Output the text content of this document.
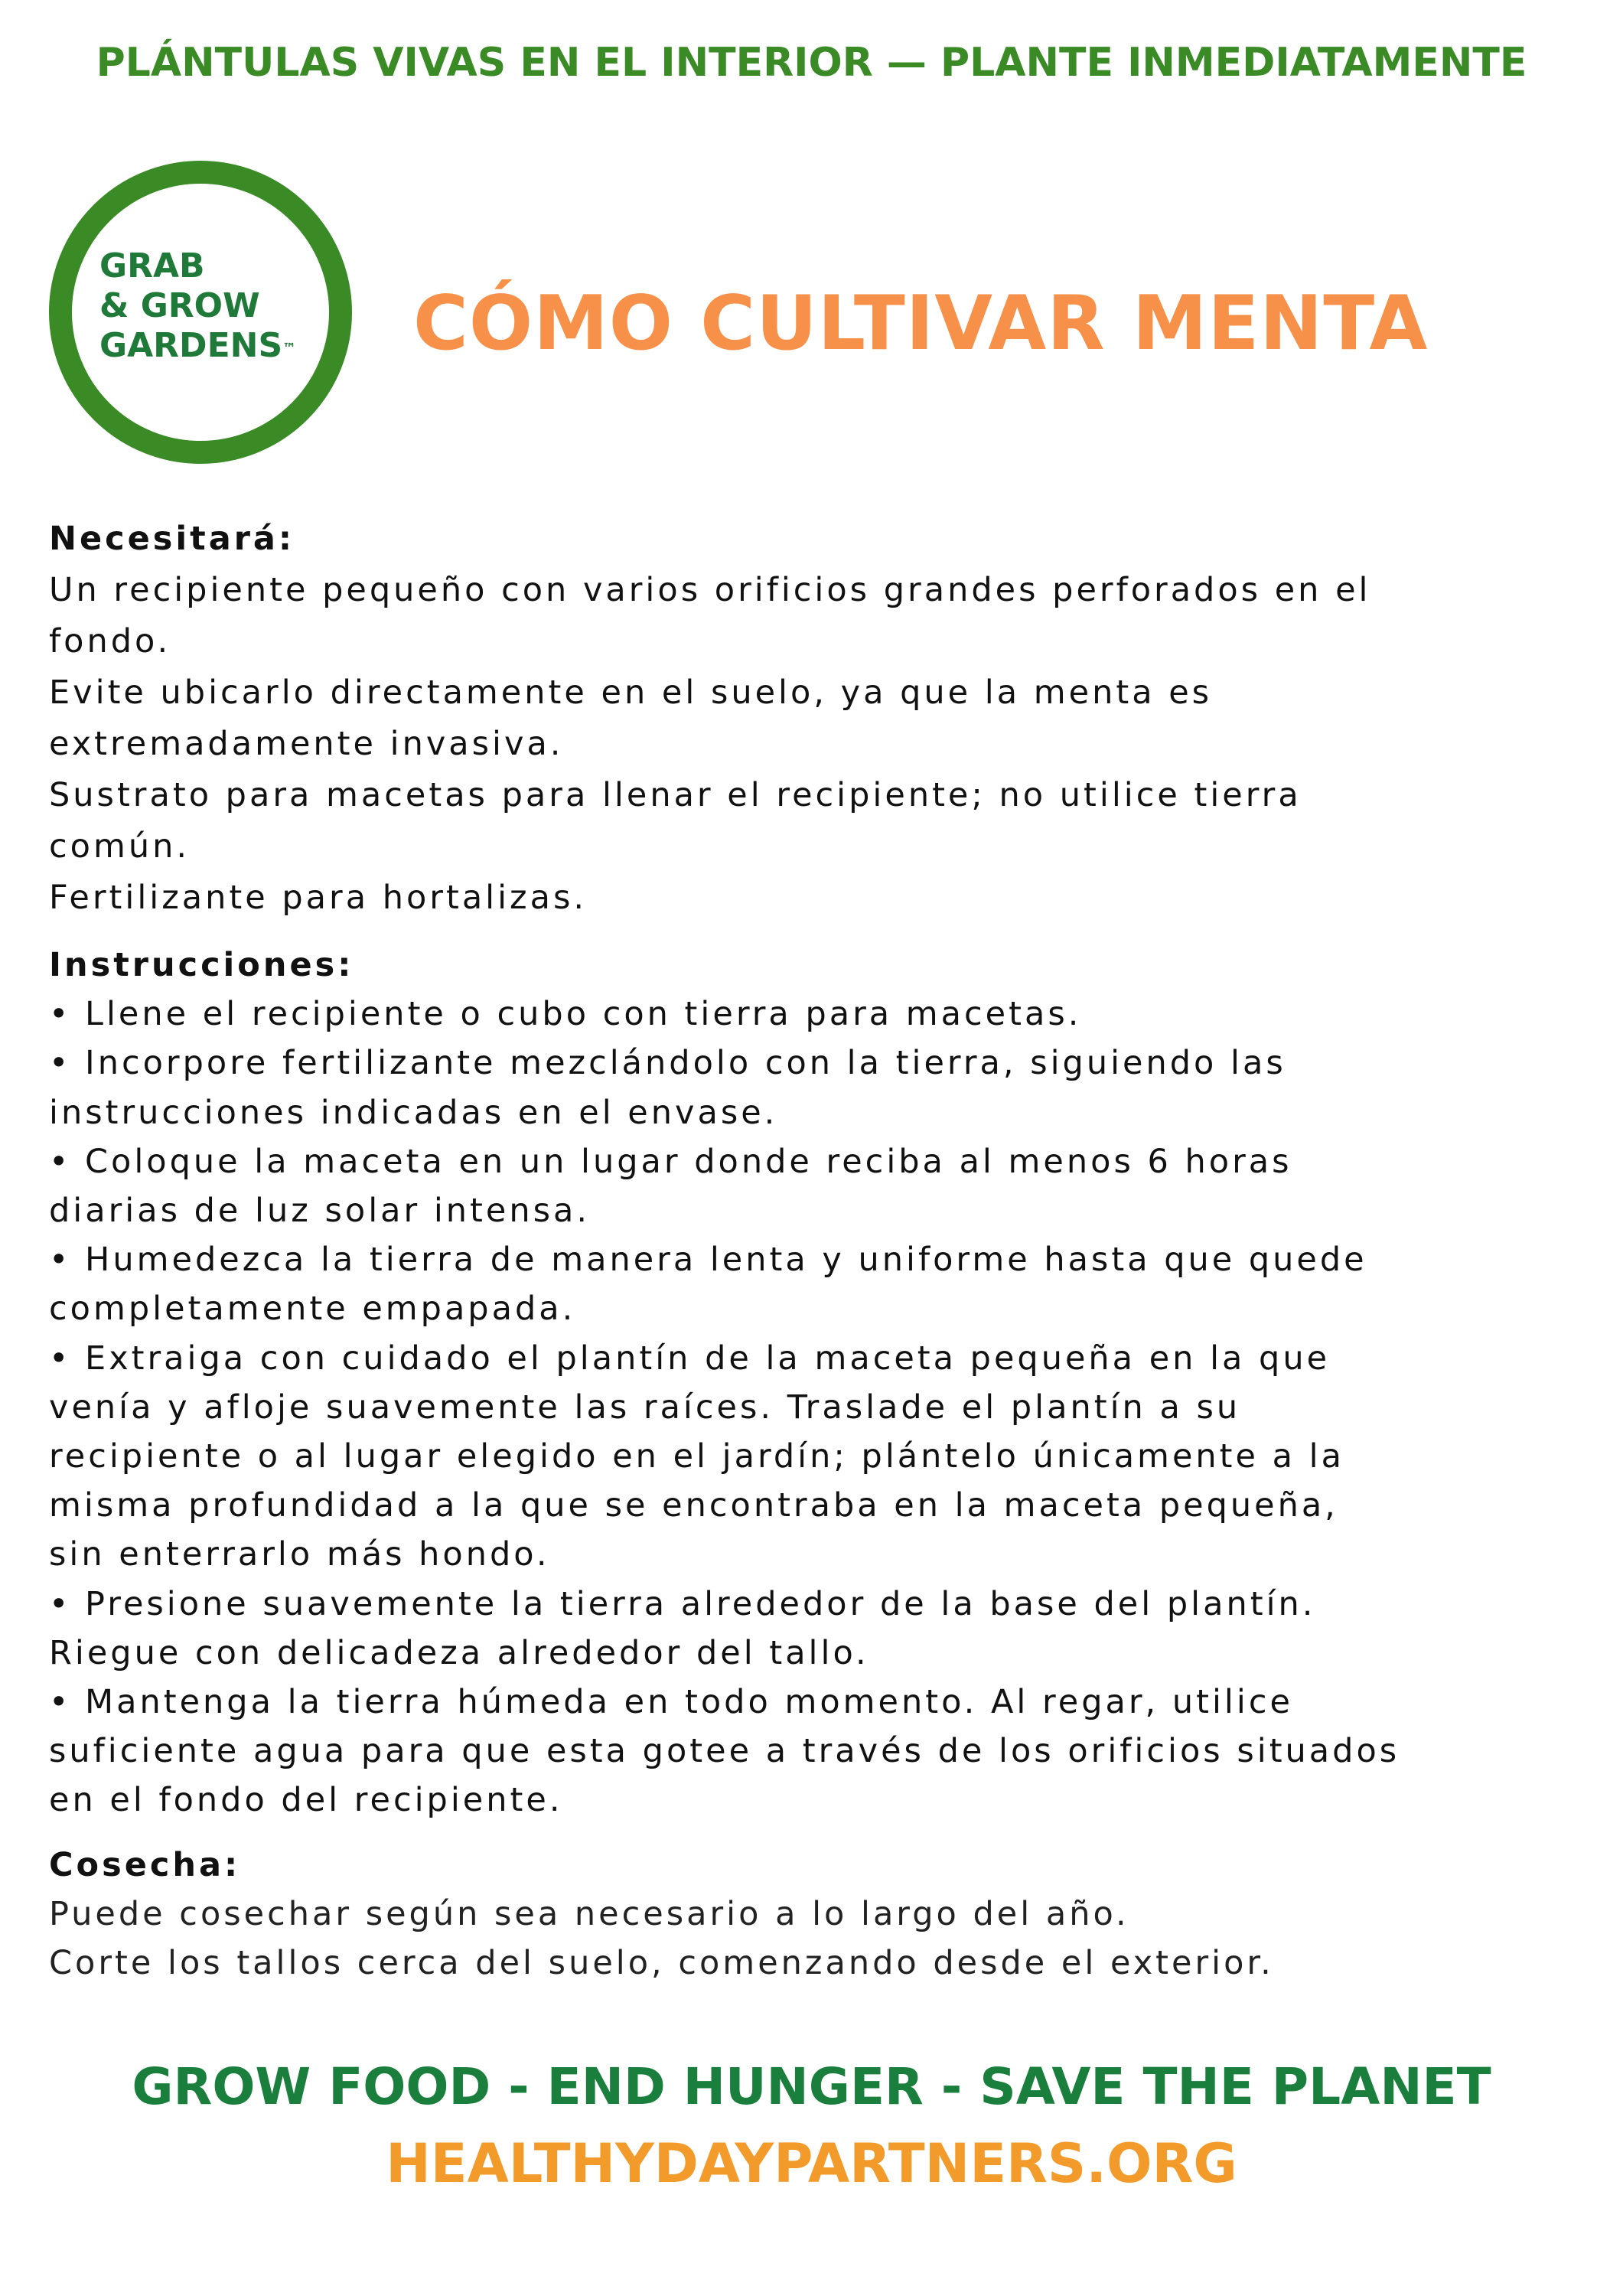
PLÁNTULAS VIVAS EN EL INTERIOR — PLANTE INMEDIATAMENTE
GRAB
& GROW
GARDENS™ CÓMO CULTIVAR MENTA
Necesitará:
Un recipiente pequeño con varios orificios grandes perforados en el
fondo.
Evite ubicarlo directamente en el suelo, ya que la menta es
extremadamente invasiva.
Sustrato para macetas para llenar el recipiente; no utilice tierra
común.
Fertilizante para hortalizas.
Instrucciones:
• Llene el recipiente o cubo con tierra para macetas.
• Incorpore fertilizante mezclándolo con la tierra, siguiendo las
instrucciones indicadas en el envase.
• Coloque la maceta en un lugar donde reciba al menos 6 horas
diarias de luz solar intensa.
• Humedezca la tierra de manera lenta y uniforme hasta que quede
completamente empapada.
• Extraiga con cuidado el plantín de la maceta pequeña en la que
venía y afloje suavemente las raíces. Traslade el plantín a su
recipiente o al lugar elegido en el jardín; plántelo únicamente a la
misma profundidad a la que se encontraba en la maceta pequeña,
sin enterrarlo más hondo.
• Presione suavemente la tierra alrededor de la base del plantín.
Riegue con delicadeza alrededor del tallo.
• Mantenga la tierra húmeda en todo momento. Al regar, utilice
suficiente agua para que esta gotee a través de los orificios situados
en el fondo del recipiente.
Cosecha:
Puede cosechar según sea necesario a lo largo del año.
Corte los tallos cerca del suelo, comenzando desde el exterior.
GROW FOOD - END HUNGER - SAVE THE PLANET
HEALTHYDAYPARTNERS.ORG
